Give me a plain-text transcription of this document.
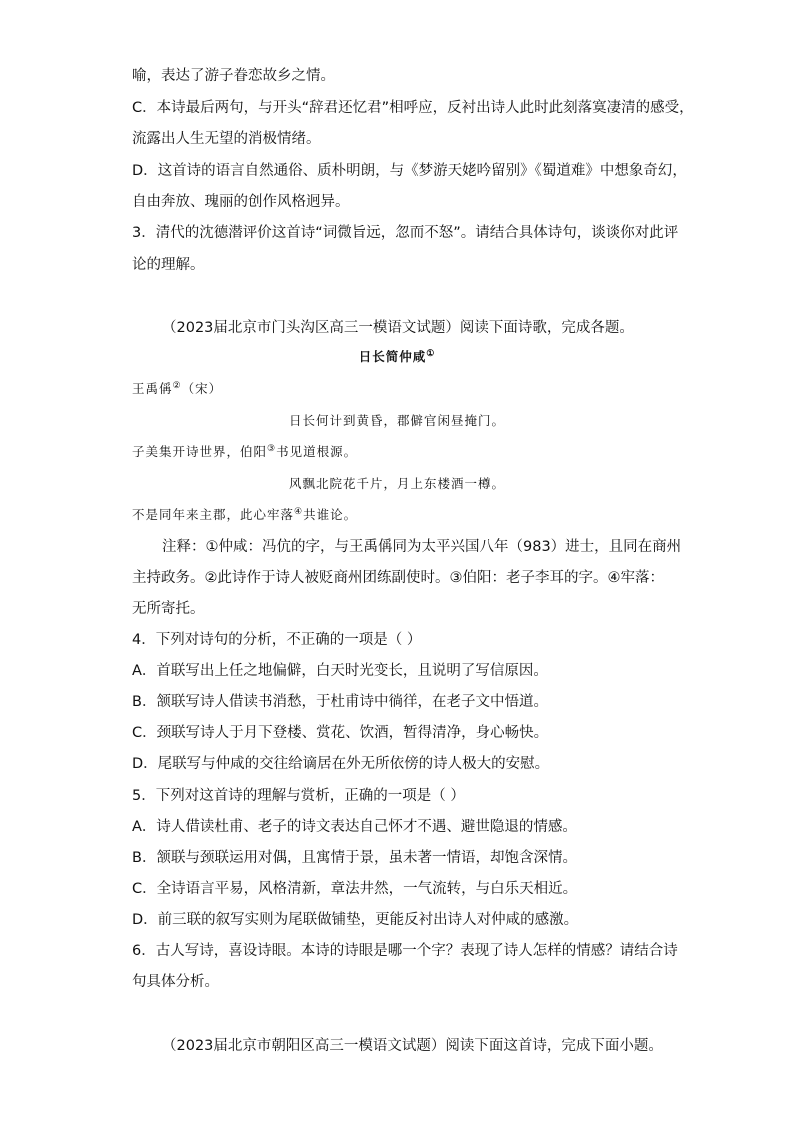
喻，表达了游子眷恋故乡之情。
C．本诗最后两句，与开头“辞君还忆君”相呼应，反衬出诗人此时此刻落寞凄清的感受，
流露出人生无望的消极情绪。
D．这首诗的语言自然通俗、质朴明朗，与《梦游天姥吟留别》《蜀道难》中想象奇幻，
自由奔放、瑰丽的创作风格迥异。
3．清代的沈德潜评价这首诗“词微旨远，忽而不怒”。请结合具体诗句，谈谈你对此评
论的理解。
（2023届北京市门头沟区高三一模语文试题）阅读下面诗歌，完成各题。
日长简仲咸①
王禹偁②（宋）
日长何计到黄昏，郡僻官闲昼掩门。
子美集开诗世界，伯阳③书见道根源。
风飘北院花千片，月上东楼酒一樽。
不是同年来主郡，此心牢落④共谁论。
注释：①仲咸：冯伉的字，与王禹偁同为太平兴国八年（983）进士，且同在商州
主持政务。②此诗作于诗人被贬商州团练副使时。③伯阳：老子李耳的字。④牢落：
无所寄托。
4．下列对诗句的分析，不正确的一项是（ ）
A．首联写出上任之地偏僻，白天时光变长，且说明了写信原因。
B．颔联写诗人借读书消愁，于杜甫诗中徜徉，在老子文中悟道。
C．颈联写诗人于月下登楼、赏花、饮酒，暂得清净，身心畅快。
D．尾联写与仲咸的交往给谪居在外无所依傍的诗人极大的安慰。
5．下列对这首诗的理解与赏析，正确的一项是（ ）
A．诗人借读杜甫、老子的诗文表达自己怀才不遇、避世隐退的情感。
B．颔联与颈联运用对偶，且寓情于景，虽未著一情语，却饱含深情。
C．全诗语言平易，风格清新，章法井然，一气流转，与白乐天相近。
D．前三联的叙写实则为尾联做铺垫，更能反衬出诗人对仲咸的感激。
6．古人写诗，喜设诗眼。本诗的诗眼是哪一个字？表现了诗人怎样的情感？请结合诗
句具体分析。
（2023届北京市朝阳区高三一模语文试题）阅读下面这首诗，完成下面小题。
